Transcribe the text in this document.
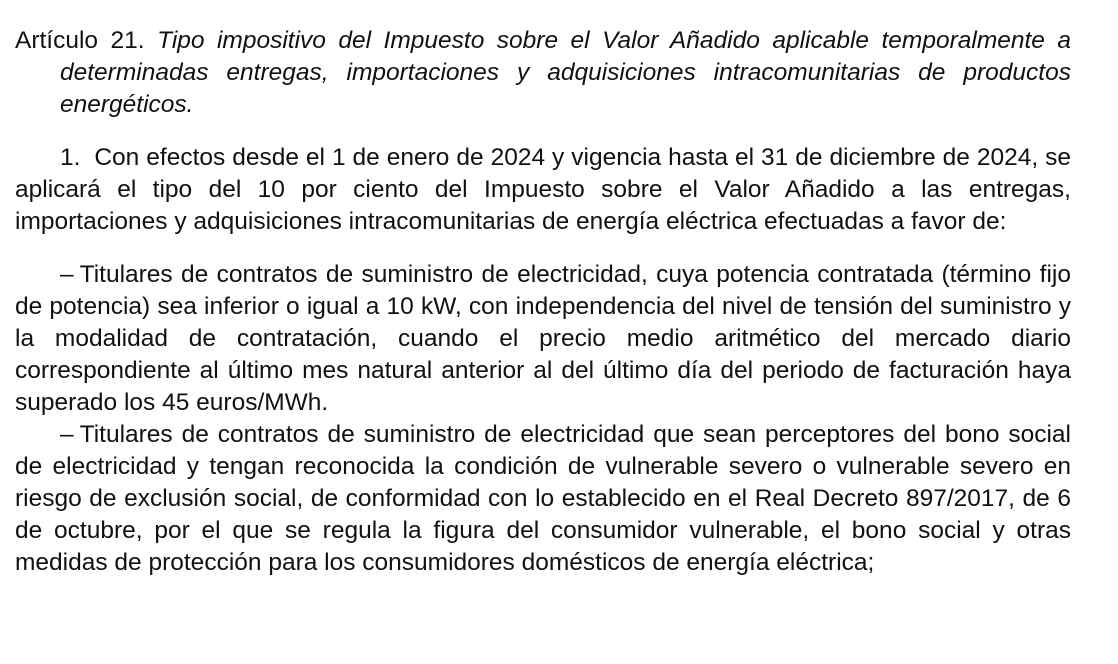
Artículo 21. Tipo impositivo del Impuesto sobre el Valor Añadido aplicable temporalmente a determinadas entregas, importaciones y adquisiciones intracomunitarias de productos energéticos.

1. Con efectos desde el 1 de enero de 2024 y vigencia hasta el 31 de diciembre de 2024, se aplicará el tipo del 10 por ciento del Impuesto sobre el Valor Añadido a las entregas, importaciones y adquisiciones intracomunitarias de energía eléctrica efectuadas a favor de:

– Titulares de contratos de suministro de electricidad, cuya potencia contratada (término fijo de potencia) sea inferior o igual a 10 kW, con independencia del nivel de tensión del suministro y la modalidad de contratación, cuando el precio medio aritmético del mercado diario correspondiente al último mes natural anterior al del último día del periodo de facturación haya superado los 45 euros/MWh.

– Titulares de contratos de suministro de electricidad que sean perceptores del bono social de electricidad y tengan reconocida la condición de vulnerable severo o vulnerable severo en riesgo de exclusión social, de conformidad con lo establecido en el Real Decreto 897/2017, de 6 de octubre, por el que se regula la figura del consumidor vulnerable, el bono social y otras medidas de protección para los consumidores domésticos de energía eléctrica;
